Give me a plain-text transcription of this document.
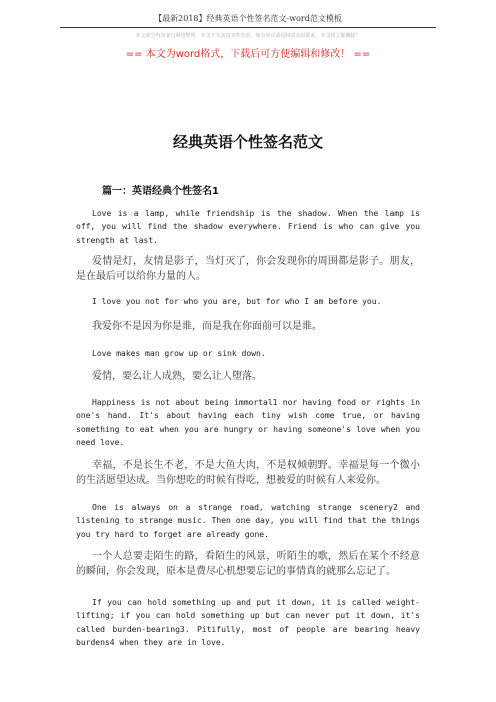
【最新2018】经典英语个性签名范文-word范文模板
本文部分内容来自网络整理，本司不为其真实性负责，如有异议或侵权请及时联系，本司将立即删除！
== 本文为word格式，下载后可方便编辑和修改！ ==
经典英语个性签名范文
篇一：英语经典个性签名1

Love is a lamp, while friendship is the shadow. When the lamp is off, you will find the shadow everywhere. Friend is who can give you strength at last.

爱情是灯，友情是影子，当灯灭了，你会发现你的周围都是影子。朋友，是在最后可以给你力量的人。

I love you not for who you are, but for who I am before you.

我爱你不是因为你是谁，而是我在你面前可以是谁。

Love makes man grow up or sink down.

爱情，要么让人成熟，要么让人堕落。

Happiness is not about being immortal1 nor having food or rights in one's hand. It's about having each tiny wish come true, or having something to eat when you are hungry or having someone's love when you need love.

幸福，不是长生不老，不是大鱼大肉，不是权倾朝野。幸福是每一个微小的生活愿望达成。当你想吃的时候有得吃，想被爱的时候有人来爱你。

One is always on a strange road, watching strange scenery2 and listening to strange music. Then one day, you will find that the things you try hard to forget are already gone.

一个人总要走陌生的路，看陌生的风景，听陌生的歌，然后在某个不经意的瞬间，你会发现，原本是费尽心机想要忘记的事情真的就那么忘记了。

If you can hold something up and put it down, it is called weight-lifting; if you can hold something up but can never put it down, it's called burden-bearing3. Pitifully, most of people are bearing heavy burdens4 when they are in love.
